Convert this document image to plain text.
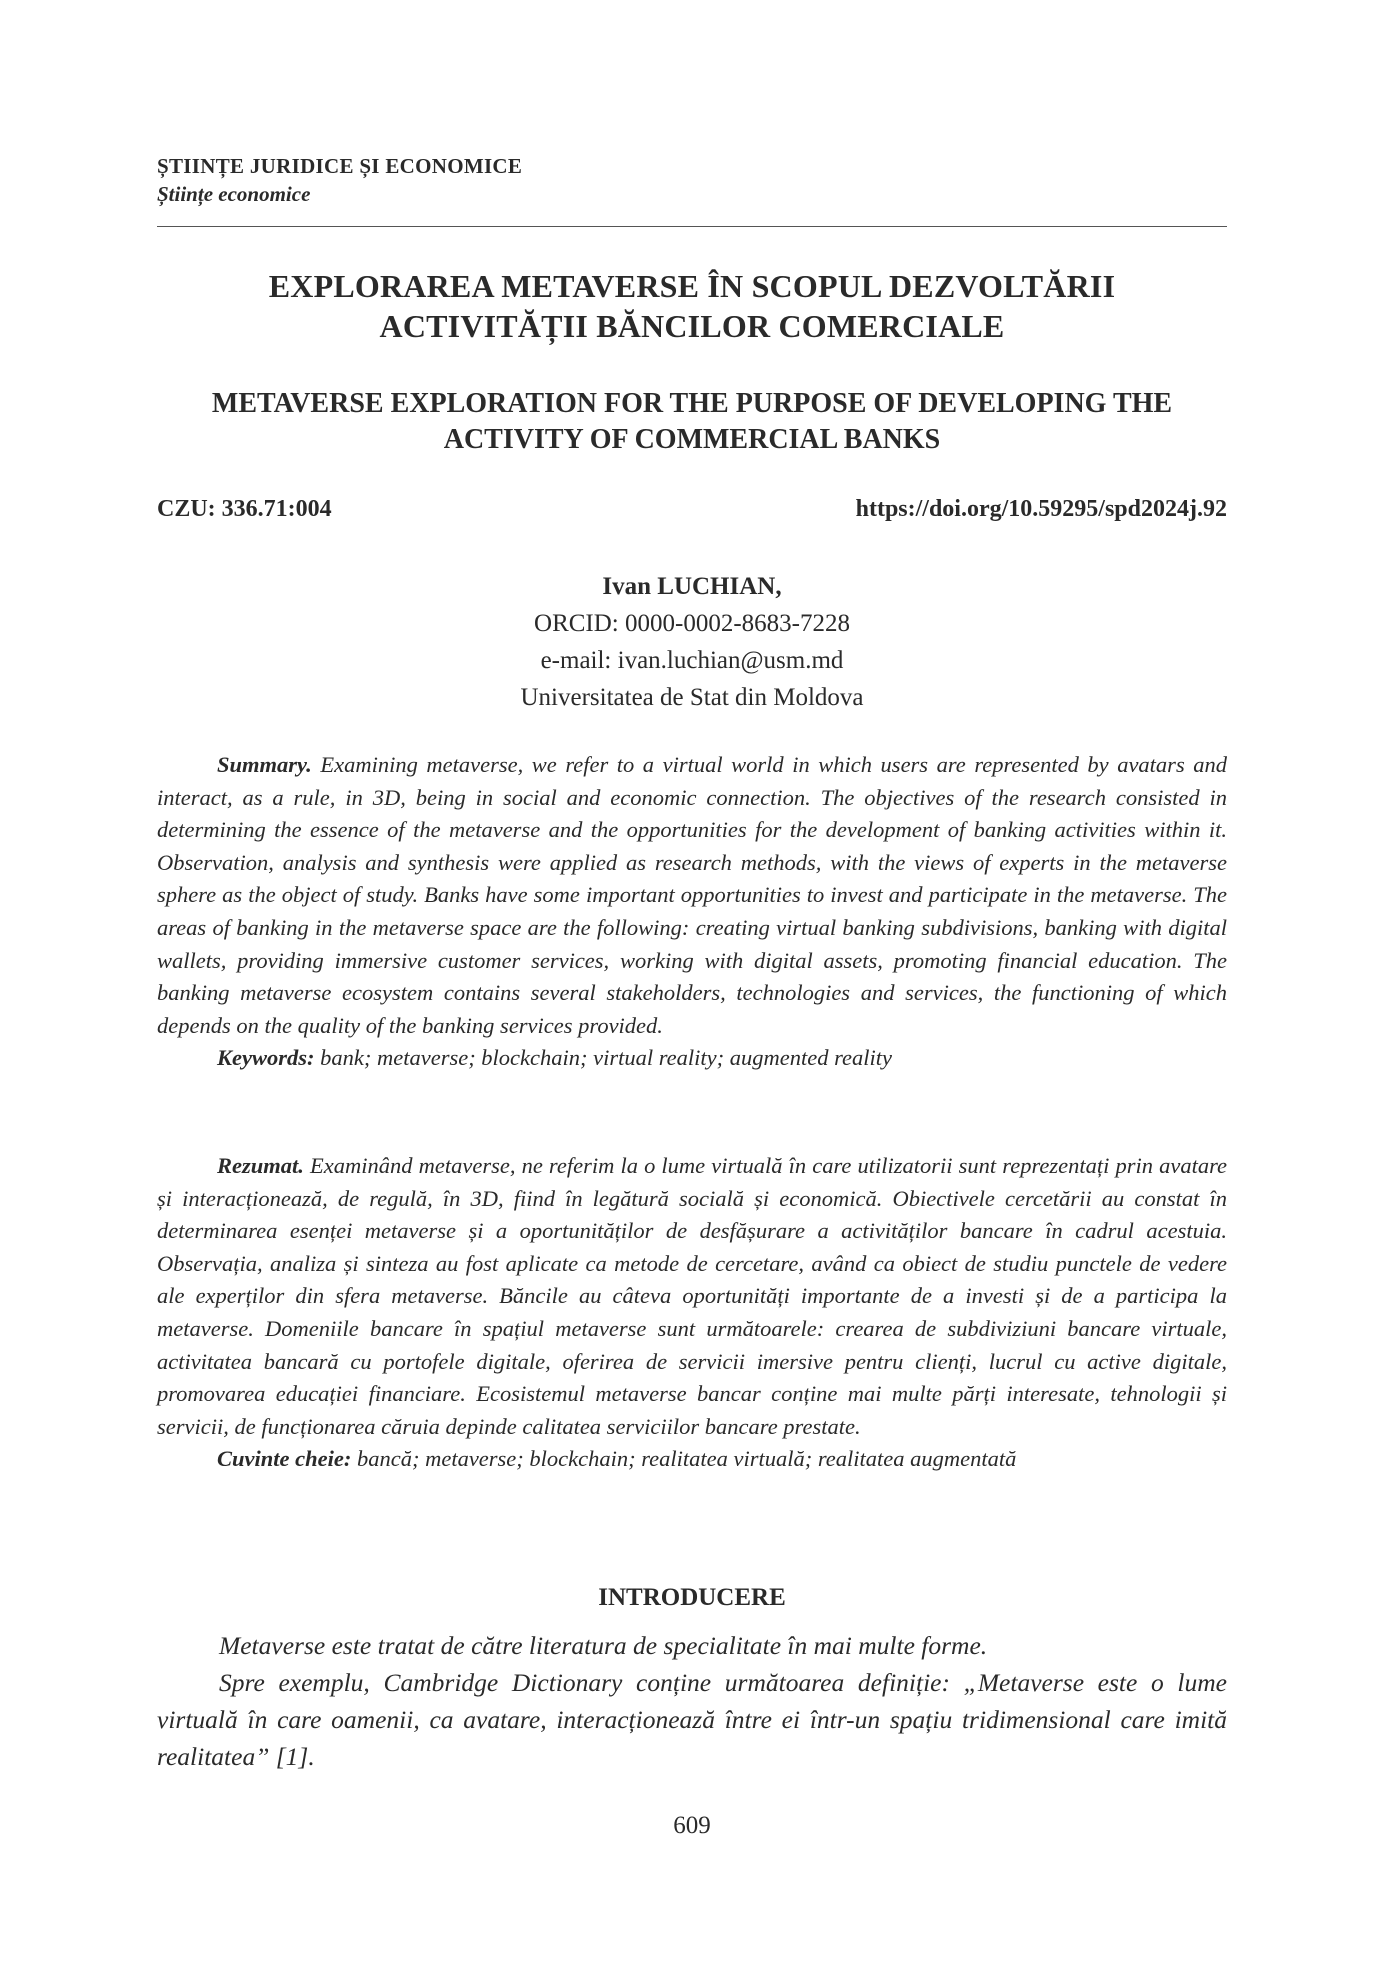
ȘTIINȚE JURIDICE ȘI ECONOMICE
Științe economice
EXPLORAREA METAVERSE ÎN SCOPUL DEZVOLTĂRII
ACTIVITĂȚII BĂNCILOR COMERCIALE
METAVERSE EXPLORATION FOR THE PURPOSE OF DEVELOPING THE
ACTIVITY OF COMMERCIAL BANKS
CZU: 336.71:004	https://doi.org/10.59295/spd2024j.92
Ivan LUCHIAN,
ORCID: 0000-0002-8683-7228
e-mail: ivan.luchian@usm.md
Universitatea de Stat din Moldova

Summary. Examining metaverse, we refer to a virtual world in which users are represented by avatars and interact, as a rule, in 3D, being in social and economic connection. The objectives of the research consisted in determining the essence of the metaverse and the opportunities for the development of banking activities within it. Observation, analysis and synthesis were applied as research methods, with the views of experts in the metaverse sphere as the object of study. Banks have some important opportunities to invest and participate in the metaverse. The areas of banking in the metaverse space are the following: creating virtual banking subdivisions, banking with digital wallets, providing immersive customer services, working with digital assets, promoting financial education. The banking metaverse ecosystem contains several stakeholders, technologies and services, the functioning of which depends on the quality of the banking services provided.

Keywords: bank; metaverse; blockchain; virtual reality; augmented reality

Rezumat. Examinând metaverse, ne referim la o lume virtuală în care utilizatorii sunt reprezentați prin avatare și interacționează, de regulă, în 3D, fiind în legătură socială și economică. Obiectivele cercetării au constat în determinarea esenței metaverse și a oportunităților de desfășurare a activităților bancare în cadrul acestuia. Observația, analiza și sinteza au fost aplicate ca metode de cercetare, având ca obiect de studiu punctele de vedere ale experților din sfera metaverse. Băncile au câteva oportunități importante de a investi și de a participa la metaverse. Domeniile bancare în spațiul metaverse sunt următoarele: crearea de subdiviziuni bancare virtuale, activitatea bancară cu portofele digitale, oferirea de servicii imersive pentru clienți, lucrul cu active digitale, promovarea educației financiare. Ecosistemul metaverse bancar conține mai multe părți interesate, tehnologii și servicii, de funcționarea căruia depinde calitatea serviciilor bancare prestate.

Cuvinte cheie: bancă; metaverse; blockchain; realitatea virtuală; realitatea augmentată

INTRODUCERE

Metaverse este tratat de către literatura de specialitate în mai multe forme.

Spre exemplu, Cambridge Dictionary conține următoarea definiție: „Metaverse este o lume virtuală în care oamenii, ca avatare, interacționează între ei într-un spațiu tridimensional care imită realitatea” [1].

609
